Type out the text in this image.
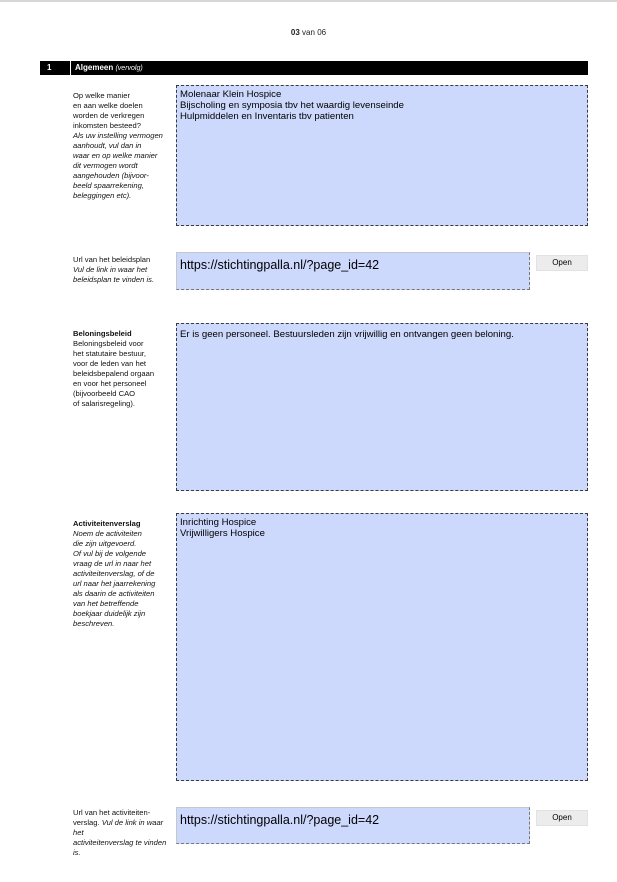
03 van 06
1	Algemeen (vervolg)
Op welke manier
en aan welke doelen
worden de verkregen
inkomsten besteed?
Als uw instelling vermogen
aanhoudt, vul dan in
waar en op welke manier
dit vermogen wordt
aangehouden (bijvoor-
beeld spaarrekening,
beleggingen etc).
Molenaar Klein Hospice
Bijscholing en symposia tbv het waardig levenseinde
Hulpmiddelen en Inventaris tbv patienten
Url van het beleidsplan
Vul de link in waar het
beleidsplan te vinden is.
https://stichtingpalla.nl/?page_id=42	Open
Beloningsbeleid
Beloningsbeleid voor
het statutaire bestuur,
voor de leden van het
beleidsbepalend orgaan
en voor het personeel
(bijvoorbeeld CAO
of salarisregeling).
Er is geen personeel. Bestuursleden zijn vrijwillig en ontvangen geen beloning.
Activiteitenverslag
Noem de activiteiten
die zijn uitgevoerd.
Of vul bij de volgende
vraag de url in naar het
activiteitenverslag, of de
url naar het jaarrekening
als daarin de activiteiten
van het betreffende
boekjaar duidelijk zijn
beschreven.
Inrichting Hospice
Vrijwilligers Hospice
Url van het activiteiten-
verslag. Vul de link in waar het
activiteitenverslag te vinden is.
https://stichtingpalla.nl/?page_id=42	Open
